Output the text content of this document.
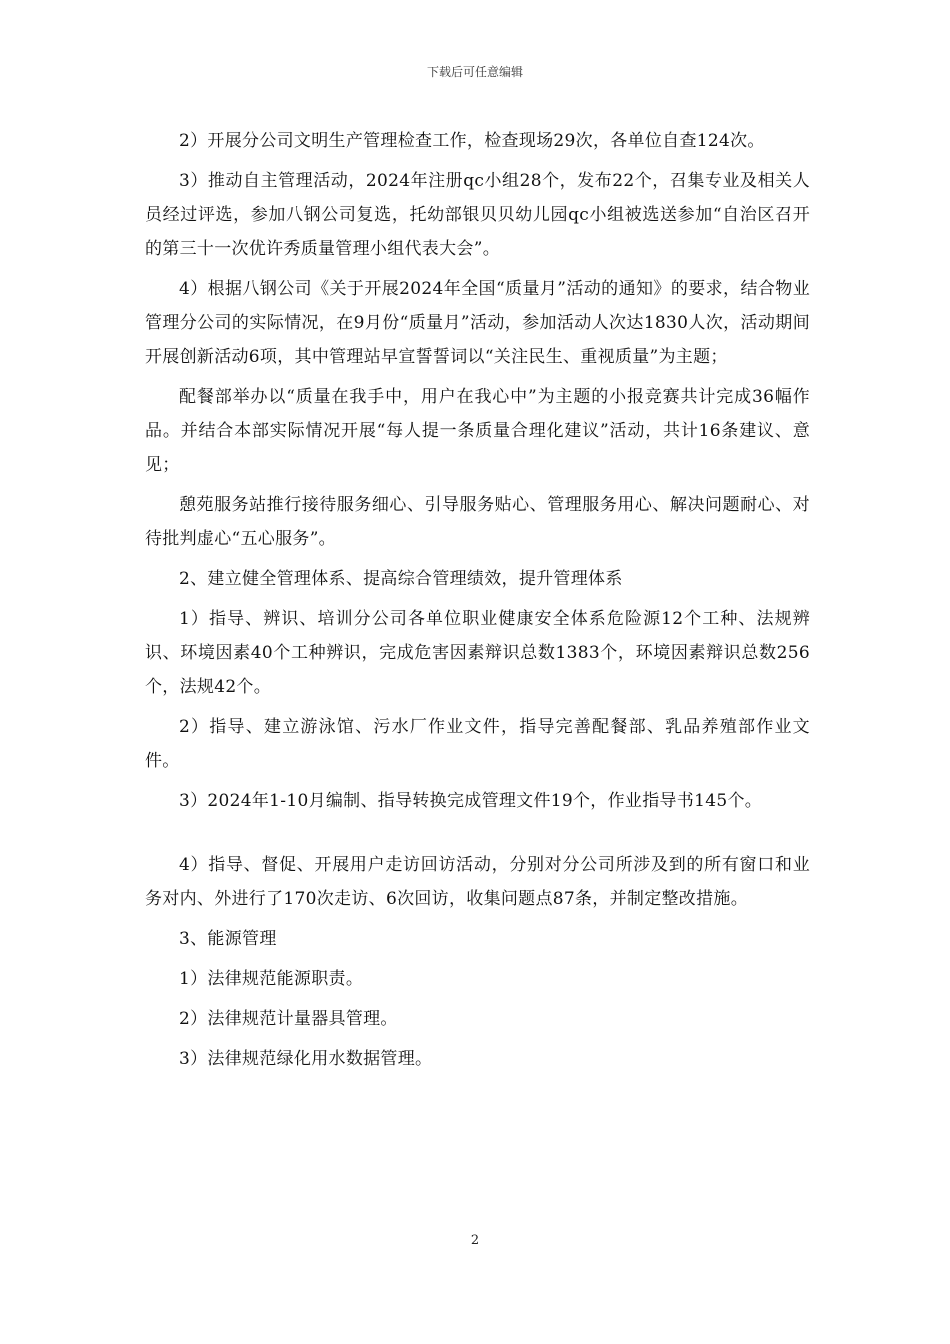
下载后可任意编辑

2）开展分公司文明生产管理检查工作，检查现场29次，各单位自查124次。

3）推动自主管理活动，2024年注册qc小组28个，发布22个，召集专业及相关人员经过评选，参加八钢公司复选，托幼部银贝贝幼儿园qc小组被选送参加“自治区召开的第三十一次优许秀质量管理小组代表大会”。

4）根据八钢公司《关于开展2024年全国“质量月”活动的通知》的要求，结合物业管理分公司的实际情况，在9月份“质量月”活动，参加活动人次达1830人次，活动期间开展创新活动6项，其中管理站早宣誓誓词以“关注民生、重视质量”为主题；

配餐部举办以“质量在我手中，用户在我心中”为主题的小报竞赛共计完成36幅作品。并结合本部实际情况开展“每人提一条质量合理化建议”活动，共计16条建议、意见；

憩苑服务站推行接待服务细心、引导服务贴心、管理服务用心、解决问题耐心、对待批判虚心“五心服务”。

2、建立健全管理体系、提高综合管理绩效，提升管理体系

1）指导、辨识、培训分公司各单位职业健康安全体系危险源12个工种、法规辨识、环境因素40个工种辨识，完成危害因素辩识总数1383个，环境因素辩识总数256个，法规42个。

2）指导、建立游泳馆、污水厂作业文件，指导完善配餐部、乳品养殖部作业文件。

3）2024年1-10月编制、指导转换完成管理文件19个，作业指导书145个。

4）指导、督促、开展用户走访回访活动，分别对分公司所涉及到的所有窗口和业务对内、外进行了170次走访、6次回访，收集问题点87条，并制定整改措施。

3、能源管理

1）法律规范能源职责。

2）法律规范计量器具管理。

3）法律规范绿化用水数据管理。

2
